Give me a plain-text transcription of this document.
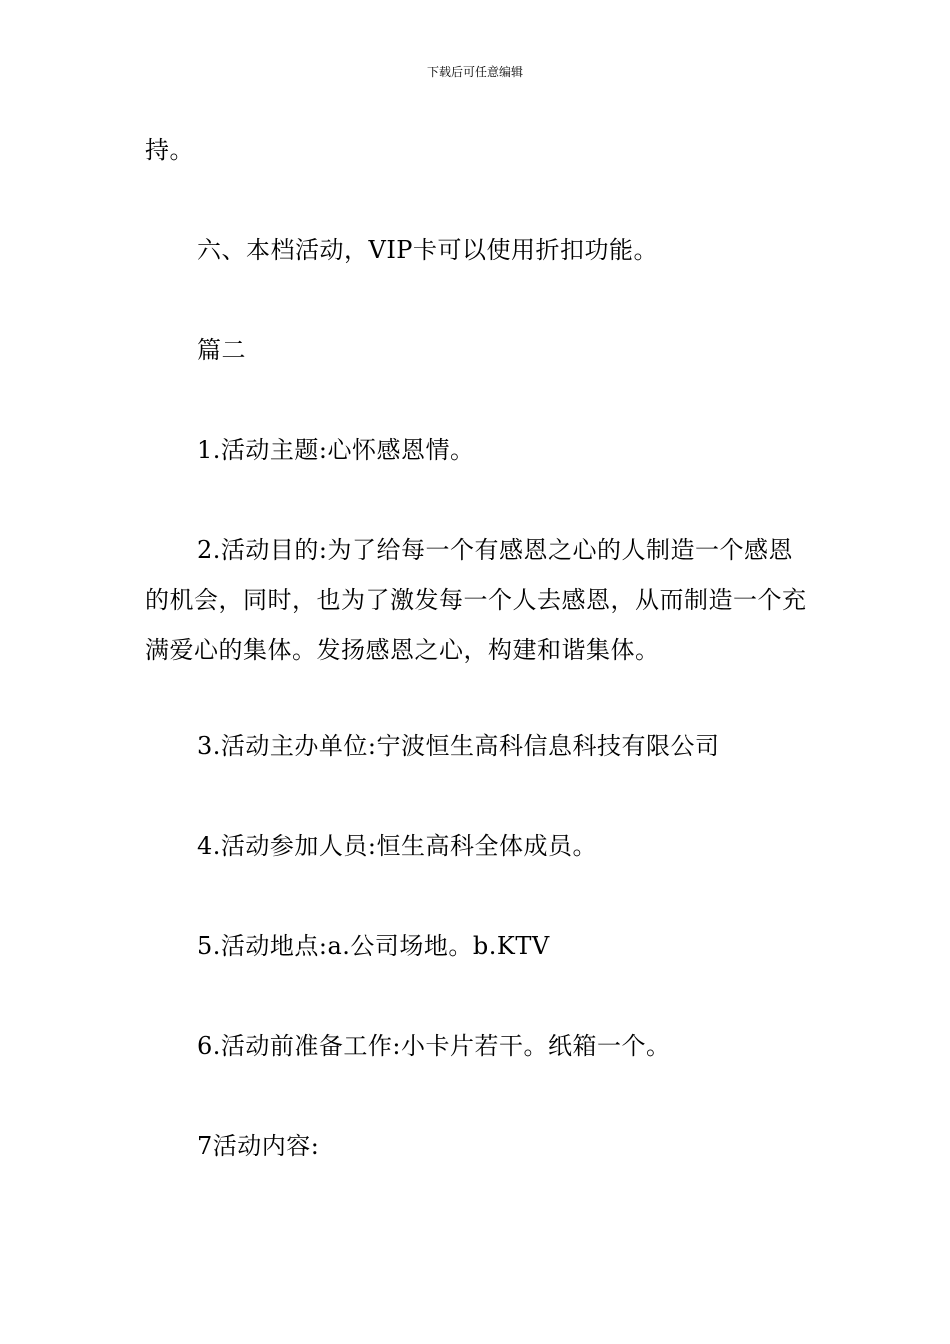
下载后可任意编辑

持。

六、本档活动，VIP卡可以使用折扣功能。

篇二

1.活动主题:心怀感恩情。

2.活动目的:为了给每一个有感恩之心的人制造一个感恩的机会，同时，也为了激发每一个人去感恩，从而制造一个充满爱心的集体。发扬感恩之心，构建和谐集体。

3.活动主办单位:宁波恒生高科信息科技有限公司

4.活动参加人员:恒生高科全体成员。

5.活动地点:a.公司场地。b.KTV

6.活动前准备工作:小卡片若干。纸箱一个。

7活动内容:
